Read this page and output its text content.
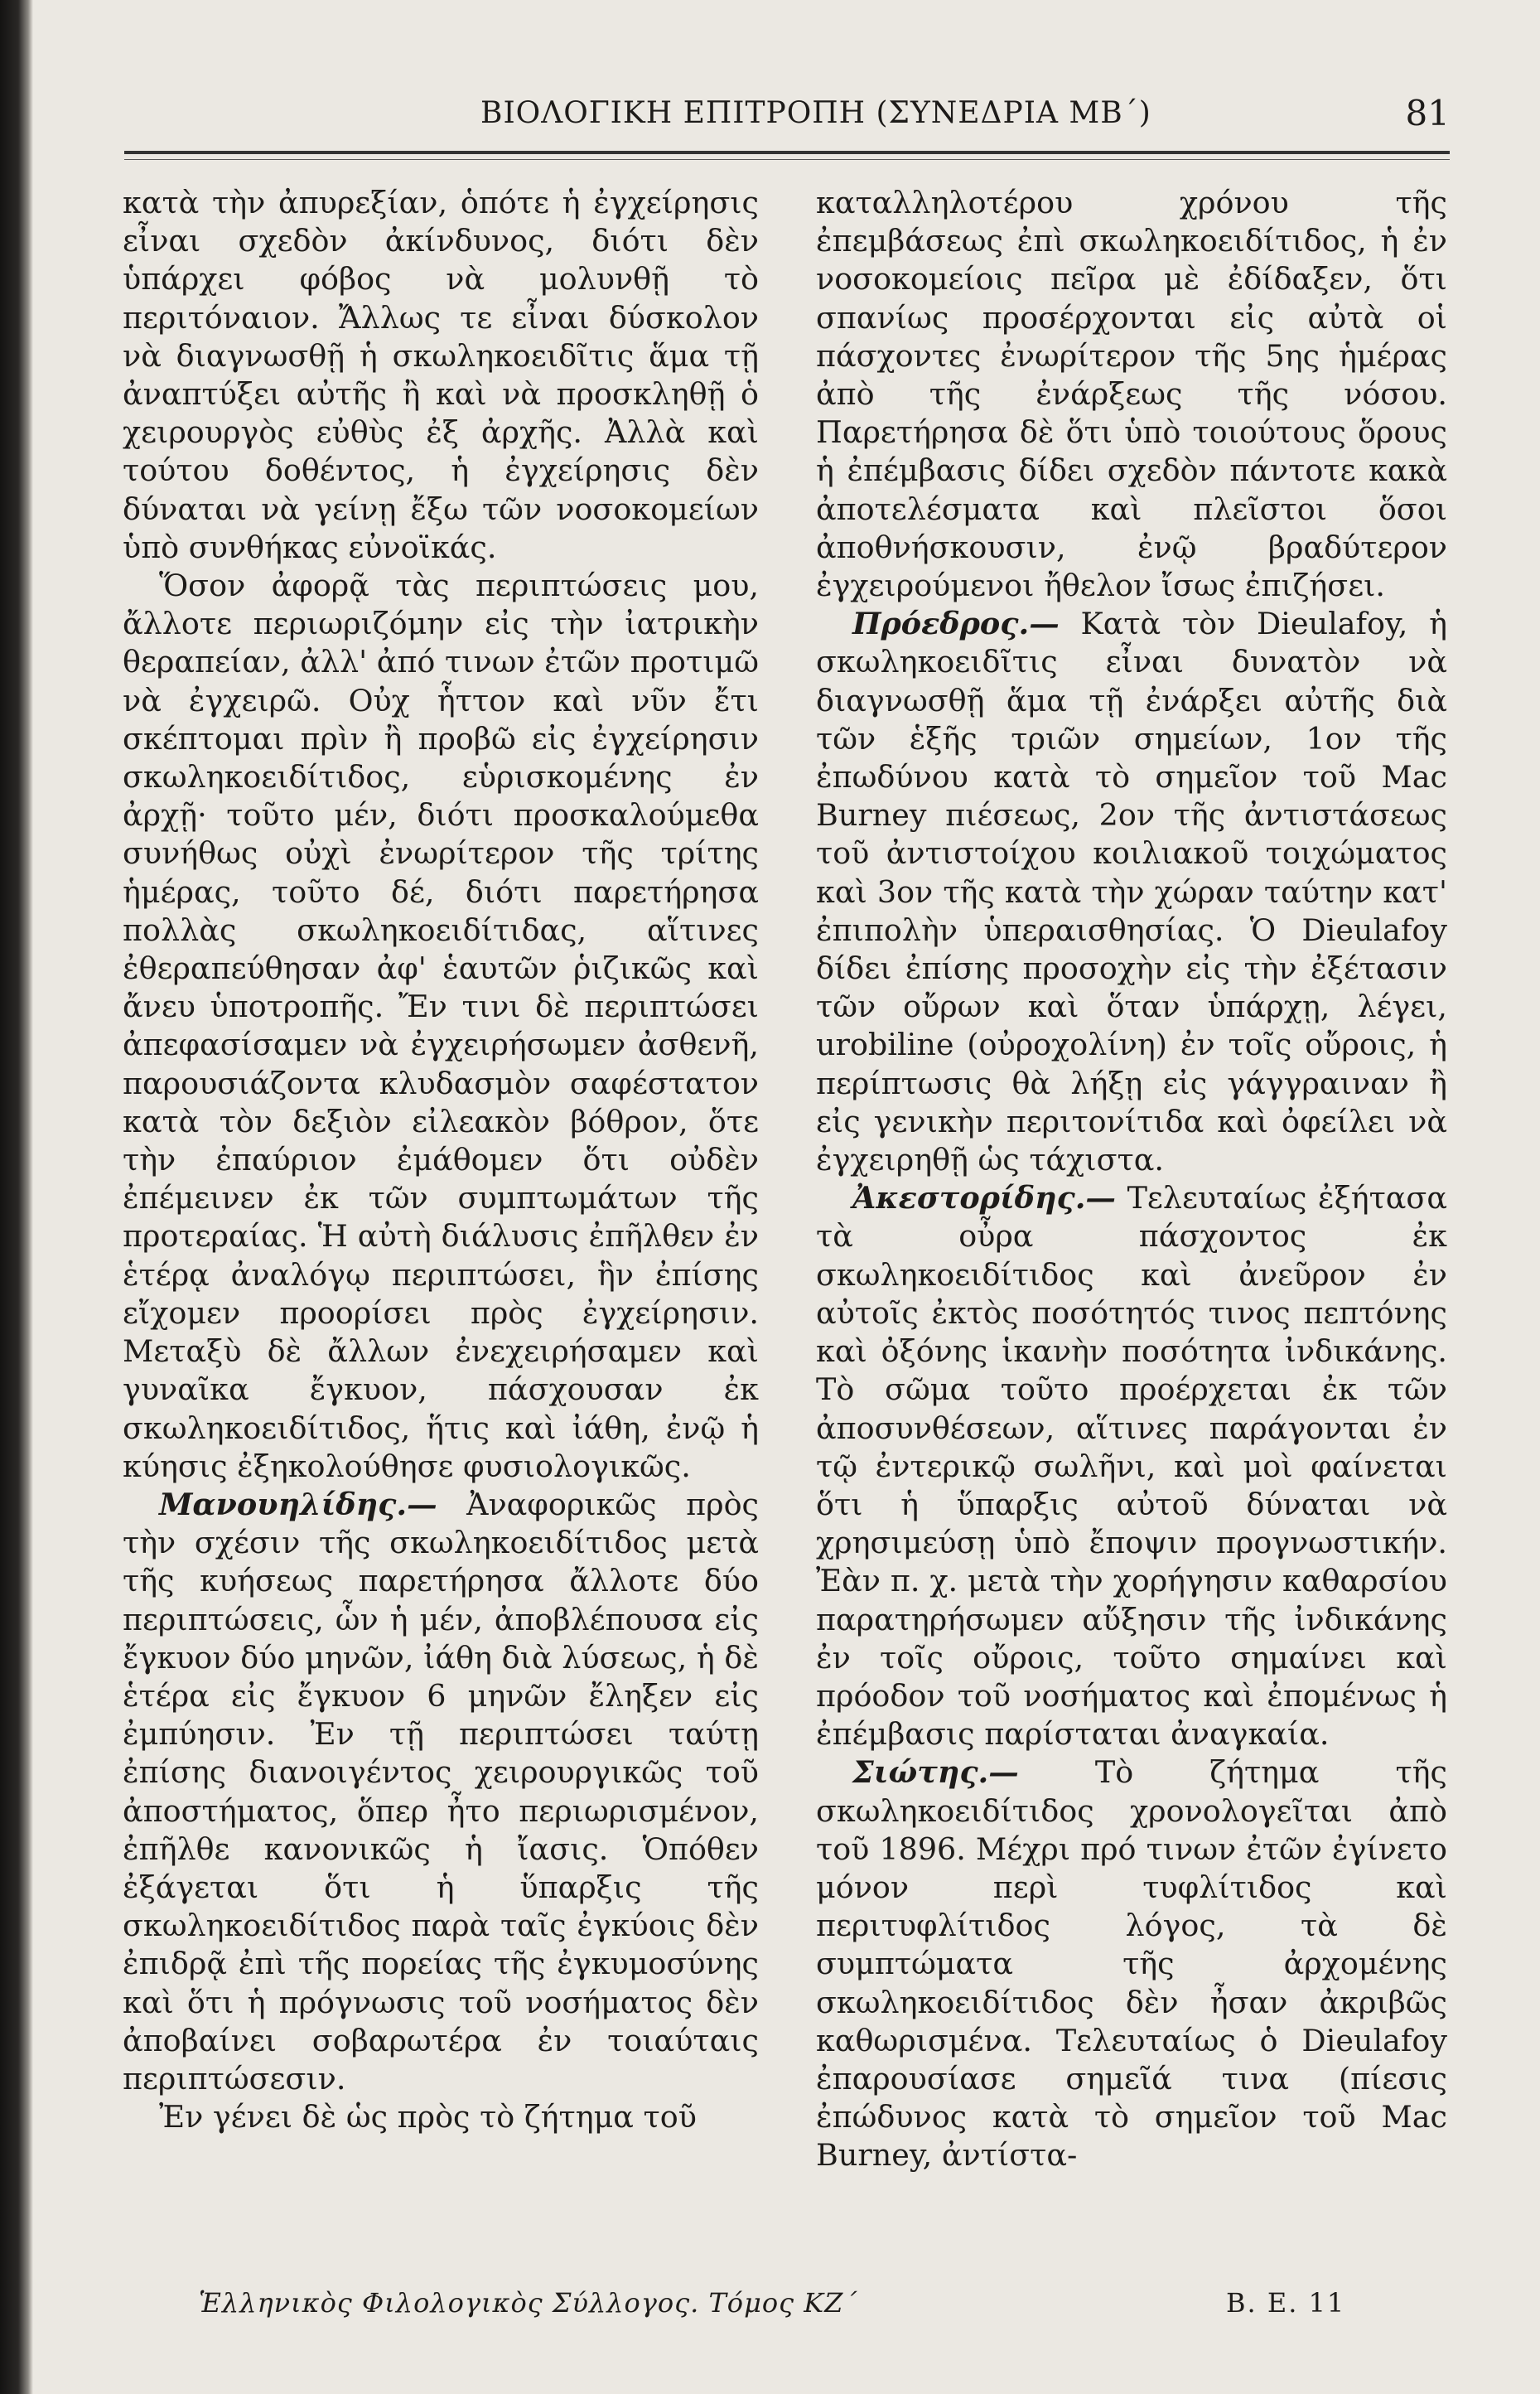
ΒΙΟΛΟΓΙΚΗ ΕΠΙΤΡΟΠΗ (ΣΥΝΕΔΡΙΑ ΜΒ΄)	81

κατὰ τὴν ἀπυρεξίαν, ὁπότε ἡ ἐγχείρησις εἶναι σχεδὸν ἀκίνδυνος, διότι δὲν ὑπάρχει φόβος νὰ μολυνθῇ τὸ περιτόναιον. Ἄλλως τε εἶναι δύσκολον νὰ διαγνωσθῇ ἡ σκωληκοειδῖτις ἅμα τῇ ἀναπτύξει αὐτῆς ἢ καὶ νὰ προσκληθῇ ὁ χειρουργὸς εὐθὺς ἐξ ἀρχῆς. Ἀλλὰ καὶ τούτου δοθέντος, ἡ ἐγχείρησις δὲν δύναται νὰ γείνῃ ἔξω τῶν νοσοκομείων ὑπὸ συνθήκας εὐνοϊκάς.

Ὅσον ἀφορᾷ τὰς περιπτώσεις μου, ἄλλοτε περιωριζόμην εἰς τὴν ἰατρικὴν θεραπείαν, ἀλλ' ἀπό τινων ἐτῶν προτιμῶ νὰ ἐγχειρῶ. Οὐχ ἧττον καὶ νῦν ἔτι σκέπτομαι πρὶν ἢ προβῶ εἰς ἐγχείρησιν σκωληκοειδίτιδος, εὑρισκομένης ἐν ἀρχῇ· τοῦτο μέν, διότι προσκαλούμεθα συνήθως οὐχὶ ἐνωρίτερον τῆς τρίτης ἡμέρας, τοῦτο δέ, διότι παρετήρησα πολλὰς σκωληκοειδίτιδας, αἵτινες ἐθεραπεύθησαν ἀφ' ἑαυτῶν ῥιζικῶς καὶ ἄνευ ὑποτροπῆς. Ἔν τινι δὲ περιπτώσει ἀπεφασίσαμεν νὰ ἐγχειρήσωμεν ἀσθενῆ, παρουσιάζοντα κλυδασμὸν σαφέστατον κατὰ τὸν δεξιὸν εἰλεακὸν βόθρον, ὅτε τὴν ἐπαύριον ἐμάθομεν ὅτι οὐδὲν ἐπέμεινεν ἐκ τῶν συμπτωμάτων τῆς προτεραίας. Ἡ αὐτὴ διάλυσις ἐπῆλθεν ἐν ἑτέρᾳ ἀναλόγῳ περιπτώσει, ἣν ἐπίσης εἴχομεν προορίσει πρὸς ἐγχείρησιν. Μεταξὺ δὲ ἄλλων ἐνεχειρήσαμεν καὶ γυναῖκα ἔγκυον, πάσχουσαν ἐκ σκωληκοειδίτιδος, ἥτις καὶ ἰάθη, ἐνῷ ἡ κύησις ἐξηκολούθησε φυσιολογικῶς.

Μανουηλίδης.— Ἀναφορικῶς πρὸς τὴν σχέσιν τῆς σκωληκοειδίτιδος μετὰ τῆς κυήσεως παρετήρησα ἄλλοτε δύο περιπτώσεις, ὧν ἡ μέν, ἀποβλέπουσα εἰς ἔγκυον δύο μηνῶν, ἰάθη διὰ λύσεως, ἡ δὲ ἑτέρα εἰς ἔγκυον 6 μηνῶν ἔληξεν εἰς ἐμπύησιν. Ἐν τῇ περιπτώσει ταύτῃ ἐπίσης διανοιγέντος χειρουργικῶς τοῦ ἀποστήματος, ὅπερ ἦτο περιωρισμένον, ἐπῆλθε κανονικῶς ἡ ἴασις. Ὁπόθεν ἐξάγεται ὅτι ἡ ὕπαρξις τῆς σκωληκοειδίτιδος παρὰ ταῖς ἐγκύοις δὲν ἐπιδρᾷ ἐπὶ τῆς πορείας τῆς ἐγκυμοσύνης καὶ ὅτι ἡ πρόγνωσις τοῦ νοσήματος δὲν ἀποβαίνει σοβαρωτέρα ἐν τοιαύταις περιπτώσεσιν.

Ἐν γένει δὲ ὡς πρὸς τὸ ζήτημα τοῦ

καταλληλοτέρου χρόνου τῆς ἐπεμβάσεως ἐπὶ σκωληκοειδίτιδος, ἡ ἐν νοσοκομείοις πεῖρα μὲ ἐδίδαξεν, ὅτι σπανίως προσέρχονται εἰς αὐτὰ οἱ πάσχοντες ἐνωρίτερον τῆς 5ης ἡμέρας ἀπὸ τῆς ἐνάρξεως τῆς νόσου. Παρετήρησα δὲ ὅτι ὑπὸ τοιούτους ὅρους ἡ ἐπέμβασις δίδει σχεδὸν πάντοτε κακὰ ἀποτελέσματα καὶ πλεῖστοι ὅσοι ἀποθνήσκουσιν, ἐνῷ βραδύτερον ἐγχειρούμενοι ἤθελον ἴσως ἐπιζήσει.

Πρόεδρος.— Κατὰ τὸν Dieulafoy, ἡ σκωληκοειδῖτις εἶναι δυνατὸν νὰ διαγνωσθῇ ἅμα τῇ ἐνάρξει αὐτῆς διὰ τῶν ἑξῆς τριῶν σημείων, 1ον τῆς ἐπωδύνου κατὰ τὸ σημεῖον τοῦ Mac Burney πιέσεως, 2ον τῆς ἀντιστάσεως τοῦ ἀντιστοίχου κοιλιακοῦ τοιχώματος καὶ 3ον τῆς κατὰ τὴν χώραν ταύτην κατ' ἐπιπολὴν ὑπεραισθησίας. Ὁ Dieulafoy δίδει ἐπίσης προσοχὴν εἰς τὴν ἐξέτασιν τῶν οὔρων καὶ ὅταν ὑπάρχῃ, λέγει, urobiline (οὐροχολίνη) ἐν τοῖς οὔροις, ἡ περίπτωσις θὰ λήξῃ εἰς γάγγραιναν ἢ εἰς γενικὴν περιτονίτιδα καὶ ὀφείλει νὰ ἐγχειρηθῇ ὡς τάχιστα.

Ἀκεστορίδης.— Τελευταίως ἐξήτασα τὰ οὖρα πάσχοντος ἐκ σκωληκοειδίτιδος καὶ ἀνεῦρον ἐν αὐτοῖς ἐκτὸς ποσότητός τινος πεπτόνης καὶ ὀξόνης ἱκανὴν ποσότητα ἰνδικάνης. Τὸ σῶμα τοῦτο προέρχεται ἐκ τῶν ἀποσυνθέσεων, αἵτινες παράγονται ἐν τῷ ἐντερικῷ σωλῆνι, καὶ μοὶ φαίνεται ὅτι ἡ ὕπαρξις αὐτοῦ δύναται νὰ χρησιμεύσῃ ὑπὸ ἔποψιν προγνωστικήν. Ἐὰν π. χ. μετὰ τὴν χορήγησιν καθαρσίου παρατηρήσωμεν αὔξησιν τῆς ἰνδικάνης ἐν τοῖς οὔροις, τοῦτο σημαίνει καὶ πρόοδον τοῦ νοσήματος καὶ ἐπομένως ἡ ἐπέμβασις παρίσταται ἀναγκαία.

Σιώτης.— Τὸ ζήτημα τῆς σκωληκοειδίτιδος χρονολογεῖται ἀπὸ τοῦ 1896. Μέχρι πρό τινων ἐτῶν ἐγίνετο μόνον περὶ τυφλίτιδος καὶ περιτυφλίτιδος λόγος, τὰ δὲ συμπτώματα τῆς ἀρχομένης σκωληκοειδίτιδος δὲν ἦσαν ἀκριβῶς καθωρισμένα. Τελευταίως ὁ Dieulafoy ἐπαρουσίασε σημεῖά τινα (πίεσις ἐπώδυνος κατὰ τὸ σημεῖον τοῦ Mac Burney, ἀντίστα-

Ἑλληνικὸς Φιλολογικὸς Σύλλογος. Τόμος ΚΖ΄	Β. Ε. 11
